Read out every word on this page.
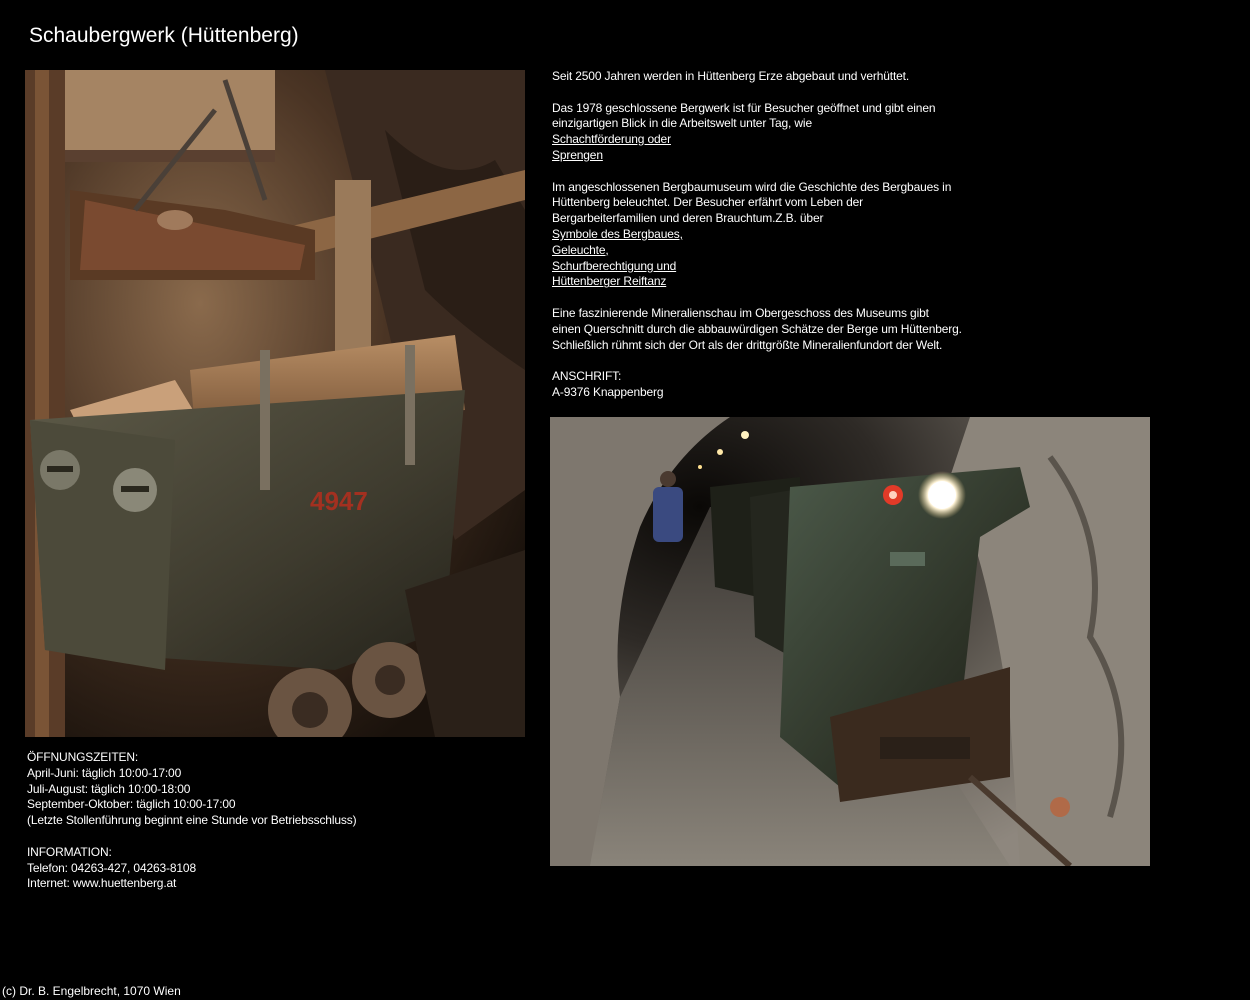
Schaubergwerk (Hüttenberg)
4947

Seit 2500 Jahren werden in Hüttenberg Erze abgebaut und verhüttet.

Das 1978 geschlossene Bergwerk ist für Besucher geöffnet und gibt einen
einzigartigen Blick in die Arbeitswelt unter Tag, wie
Schachtförderung oder
Sprengen

Im angeschlossenen Bergbaumuseum wird die Geschichte des Bergbaues in
Hüttenberg beleuchtet. Der Besucher erfährt vom Leben der
Bergarbeiterfamilien und deren Brauchtum.Z.B. über
Symbole des Bergbaues,
Geleuchte,
Schurfberechtigung und
Hüttenberger Reiftanz

Eine faszinierende Mineralienschau im Obergeschoss des Museums gibt
einen Querschnitt durch die abbauwürdigen Schätze der Berge um Hüttenberg.
Schließlich rühmt sich der Ort als der drittgrößte Mineralienfundort der Welt.

ANSCHRIFT:
A-9376 Knappenberg

ÖFFNUNGSZEITEN:
April-Juni: täglich 10:00-17:00
Juli-August: täglich 10:00-18:00
September-Oktober: täglich 10:00-17:00
(Letzte Stollenführung beginnt eine Stunde vor Betriebsschluss)

INFORMATION:
Telefon: 04263-427, 04263-8108
Internet: www.huettenberg.at

(c) Dr. B. Engelbrecht, 1070 Wien
